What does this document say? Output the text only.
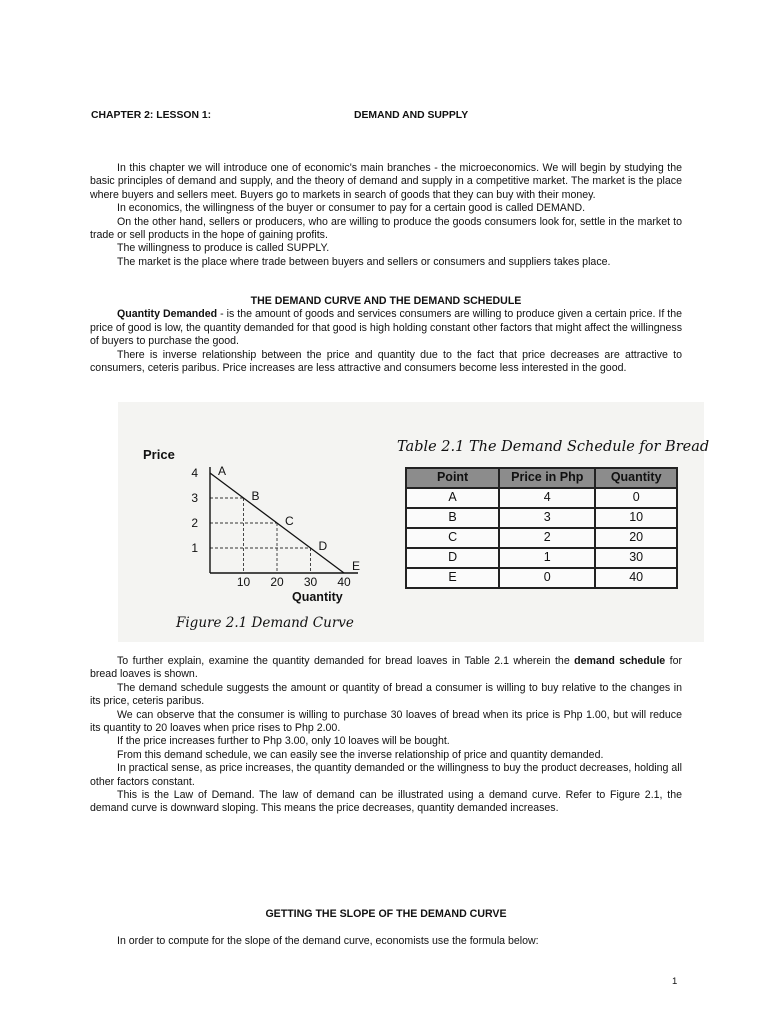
CHAPTER 2: LESSON 1:	DEMAND AND SUPPLY

In this chapter we will introduce one of economic's main branches - the microeconomics. We will begin by studying the basic principles of demand and supply, and the theory of demand and supply in a competitive market. The market is the place where buyers and sellers meet. Buyers go to markets in search of goods that they can buy with their money.

In economics, the willingness of the buyer or consumer to pay for a certain good is called DEMAND.

On the other hand, sellers or producers, who are willing to produce the goods consumers look for, settle in the market to trade or sell products in the hope of gaining profits.

The willingness to produce is called SUPPLY.

The market is the place where trade between buyers and sellers or consumers and suppliers takes place.

THE DEMAND CURVE AND THE DEMAND SCHEDULE

Quantity Demanded - is the amount of goods and services consumers are willing to produce given a certain price. If the price of good is low, the quantity demanded for that good is high holding constant other factors that might affect the willingness of buyers to purchase the good.

There is inverse relationship between the price and quantity due to the fact that price decreases are attractive to consumers, ceteris paribus. Price increases are less attractive and consumers become less interested in the good.

Price
Quantity
1
2
3
4
10 20 30 40
A
B
C
D
E
Table 2.1 The Demand Schedule for Bread
Point	Price in Php	Quantity
A	4	0
B	3	10
C	2	20
D	1	30
E	0	40
Figure 2.1 Demand Curve

To further explain, examine the quantity demanded for bread loaves in Table 2.1 wherein the demand schedule for bread loaves is shown.

The demand schedule suggests the amount or quantity of bread a consumer is willing to buy relative to the changes in its price, ceteris paribus.

We can observe that the consumer is willing to purchase 30 loaves of bread when its price is Php 1.00, but will reduce its quantity to 20 loaves when price rises to Php 2.00.

If the price increases further to Php 3.00, only 10 loaves will be bought.

From this demand schedule, we can easily see the inverse relationship of price and quantity demanded.

In practical sense, as price increases, the quantity demanded or the willingness to buy the product decreases, holding all other factors constant.

This is the Law of Demand. The law of demand can be illustrated using a demand curve. Refer to Figure 2.1, the demand curve is downward sloping. This means the price decreases, quantity demanded increases.

GETTING THE SLOPE OF THE DEMAND CURVE

In order to compute for the slope of the demand curve, economists use the formula below:

1
